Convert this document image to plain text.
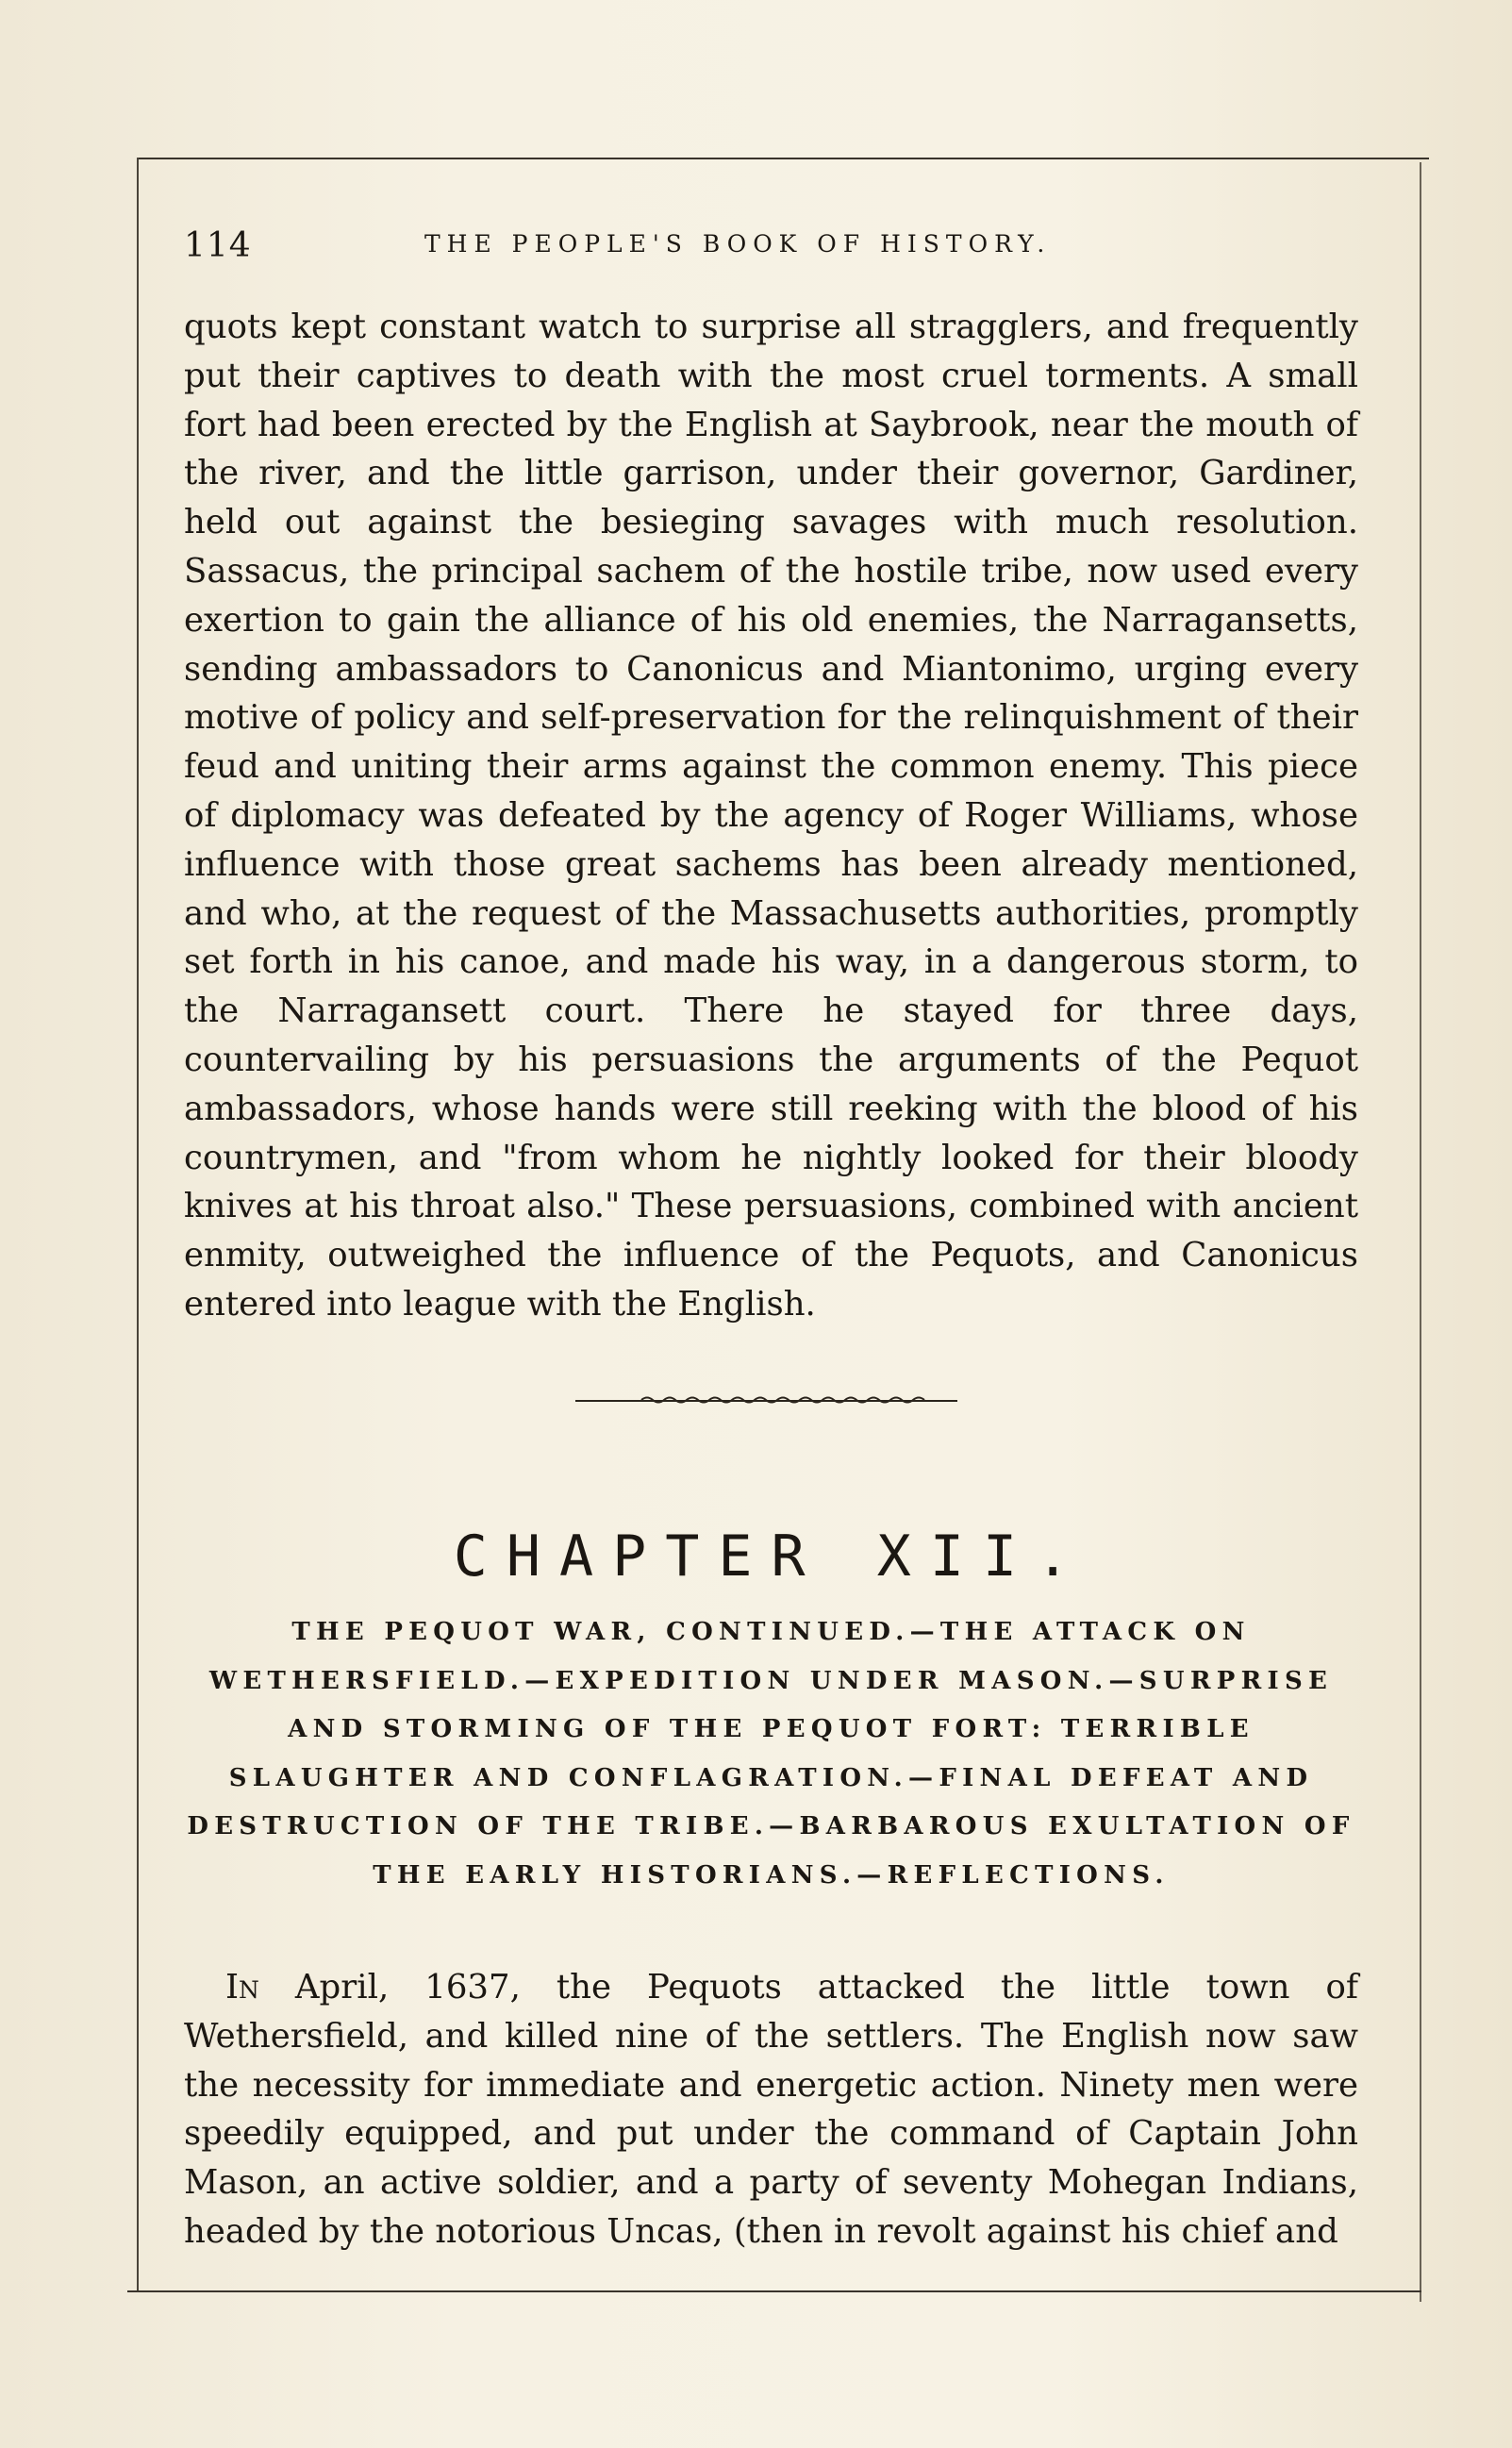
114	THE PEOPLE'S BOOK OF HISTORY.

quots kept constant watch to surprise all stragglers, and frequently put their captives to death with the most cruel torments. A small fort had been erected by the English at Saybrook, near the mouth of the river, and the little garrison, under their governor, Gardiner, held out against the besieging savages with much resolution. Sassacus, the principal sachem of the hostile tribe, now used every exertion to gain the alliance of his old enemies, the Narragansetts, sending ambassadors to Canonicus and Miantonimo, urging every motive of policy and self-preservation for the relinquishment of their feud and uniting their arms against the common enemy. This piece of diplomacy was defeated by the agency of Roger Williams, whose influence with those great sachems has been already mentioned, and who, at the request of the Massachusetts authorities, promptly set forth in his canoe, and made his way, in a dangerous storm, to the Narragansett court. There he stayed for three days, countervailing by his persuasions the arguments of the Pequot ambassadors, whose hands were still reeking with the blood of his countrymen, and "from whom he nightly looked for their bloody knives at his throat also." These persuasions, combined with ancient enmity, outweighed the influence of the Pequots, and Canonicus entered into league with the English.

CHAPTER XII.
THE PEQUOT WAR, CONTINUED.—THE ATTACK ON WETHERSFIELD.—EXPEDITION UNDER MASON.—SURPRISE AND STORMING OF THE PEQUOT FORT: TERRIBLE SLAUGHTER AND CONFLAGRATION.—FINAL DEFEAT AND DESTRUCTION OF THE TRIBE.—BARBAROUS EXULTATION OF THE EARLY HISTORIANS.—REFLECTIONS.

In April, 1637, the Pequots attacked the little town of Wethersfield, and killed nine of the settlers. The English now saw the necessity for immediate and energetic action. Ninety men were speedily equipped, and put under the command of Captain John Mason, an active soldier, and a party of seventy Mohegan Indians, headed by the notorious Uncas, (then in revolt against his chief and
